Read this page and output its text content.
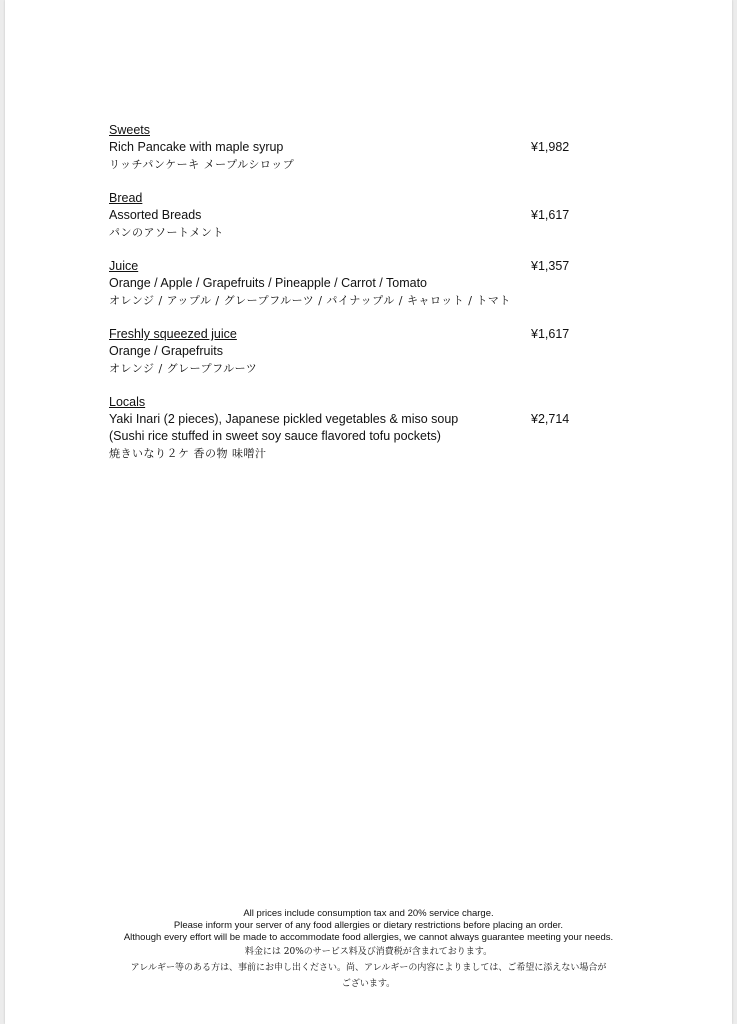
Sweets
Rich Pancake with maple syrup
リッチパンケーキ メープルシロップ
¥1,982
Bread
Assorted Breads
パンのアソートメント
¥1,617
Juice
Orange / Apple / Grapefruits / Pineapple / Carrot / Tomato
オレンジ / アップル / グレープフルーツ / パイナップル / キャロット / トマト
¥1,357
Freshly squeezed juice
Orange / Grapefruits
オレンジ / グレープフルーツ
¥1,617
Locals
Yaki Inari (2 pieces), Japanese pickled vegetables & miso soup
(Sushi rice stuffed in sweet soy sauce flavored tofu pockets)
焼きいなり２ケ 香の物 味噌汁
¥2,714
All prices include consumption tax and 20% service charge.
Please inform your server of any food allergies or dietary restrictions before placing an order.
Although every effort will be made to accommodate food allergies, we cannot always guarantee meeting your needs.
料金には 20%のサービス料及び消費税が含まれております。
アレルギー等のある方は、事前にお申し出ください。尚、アレルギーの内容によりましては、ご希望に添えない場合が
ございます。
